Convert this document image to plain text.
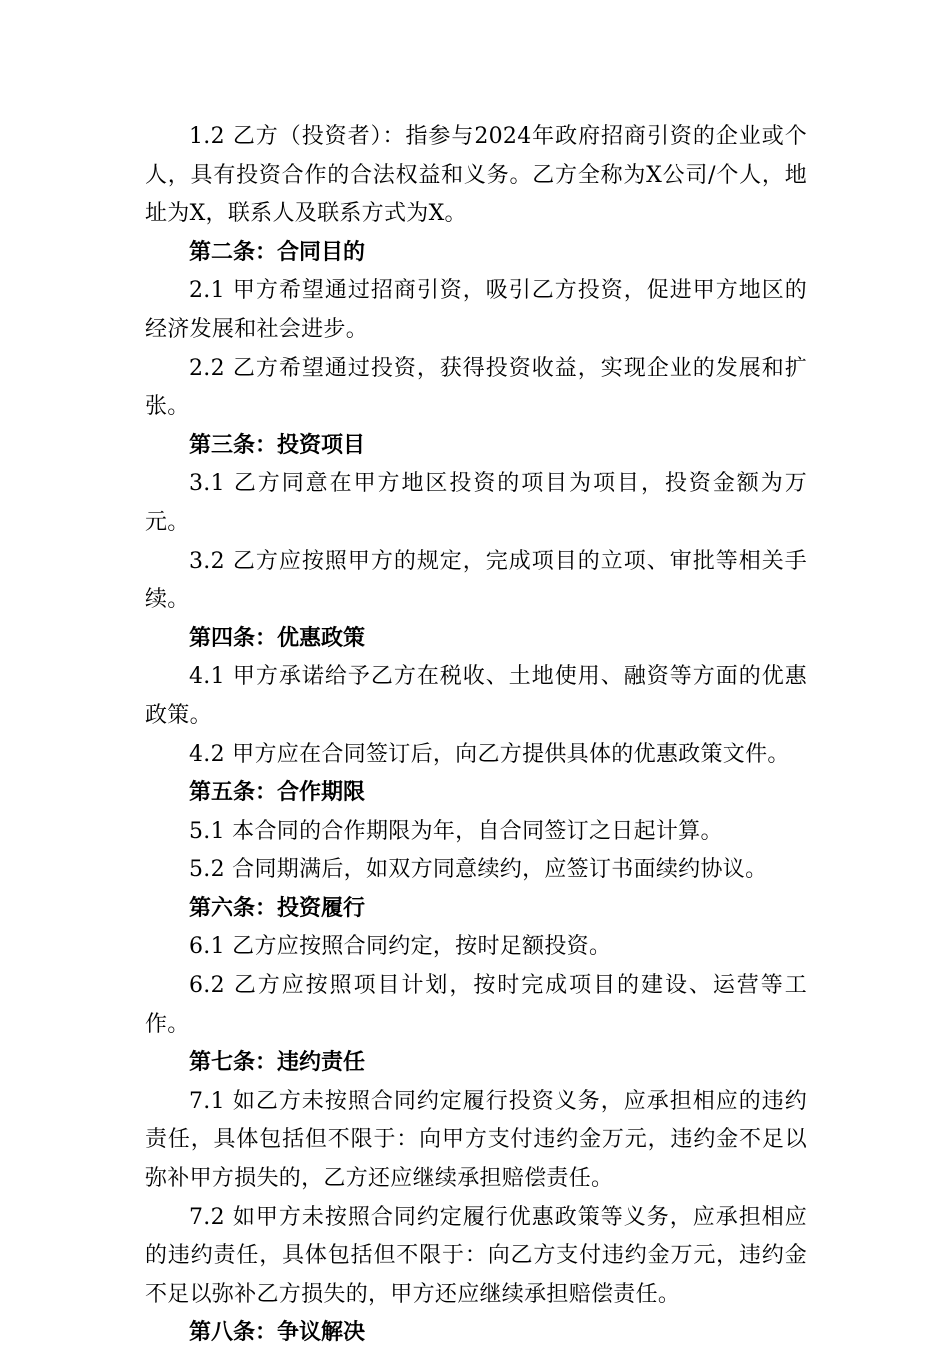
1.2 乙方（投资者）：指参与2024年政府招商引资的企业或个人，具有投资合作的合法权益和义务。乙方全称为X公司/个人，地址为X，联系人及联系方式为X。

第二条：合同目的

2.1 甲方希望通过招商引资，吸引乙方投资，促进甲方地区的经济发展和社会进步。

2.2 乙方希望通过投资，获得投资收益，实现企业的发展和扩张。

第三条：投资项目

3.1 乙方同意在甲方地区投资的项目为项目，投资金额为万元。

3.2 乙方应按照甲方的规定，完成项目的立项、审批等相关手续。

第四条：优惠政策

4.1 甲方承诺给予乙方在税收、土地使用、融资等方面的优惠政策。

4.2 甲方应在合同签订后，向乙方提供具体的优惠政策文件。

第五条：合作期限

5.1 本合同的合作期限为年，自合同签订之日起计算。

5.2 合同期满后，如双方同意续约，应签订书面续约协议。

第六条：投资履行

6.1 乙方应按照合同约定，按时足额投资。

6.2 乙方应按照项目计划，按时完成项目的建设、运营等工作。

第七条：违约责任

7.1 如乙方未按照合同约定履行投资义务，应承担相应的违约责任，具体包括但不限于：向甲方支付违约金万元，违约金不足以弥补甲方损失的，乙方还应继续承担赔偿责任。

7.2 如甲方未按照合同约定履行优惠政策等义务，应承担相应的违约责任，具体包括但不限于：向乙方支付违约金万元，违约金不足以弥补乙方损失的，甲方还应继续承担赔偿责任。

第八条：争议解决
